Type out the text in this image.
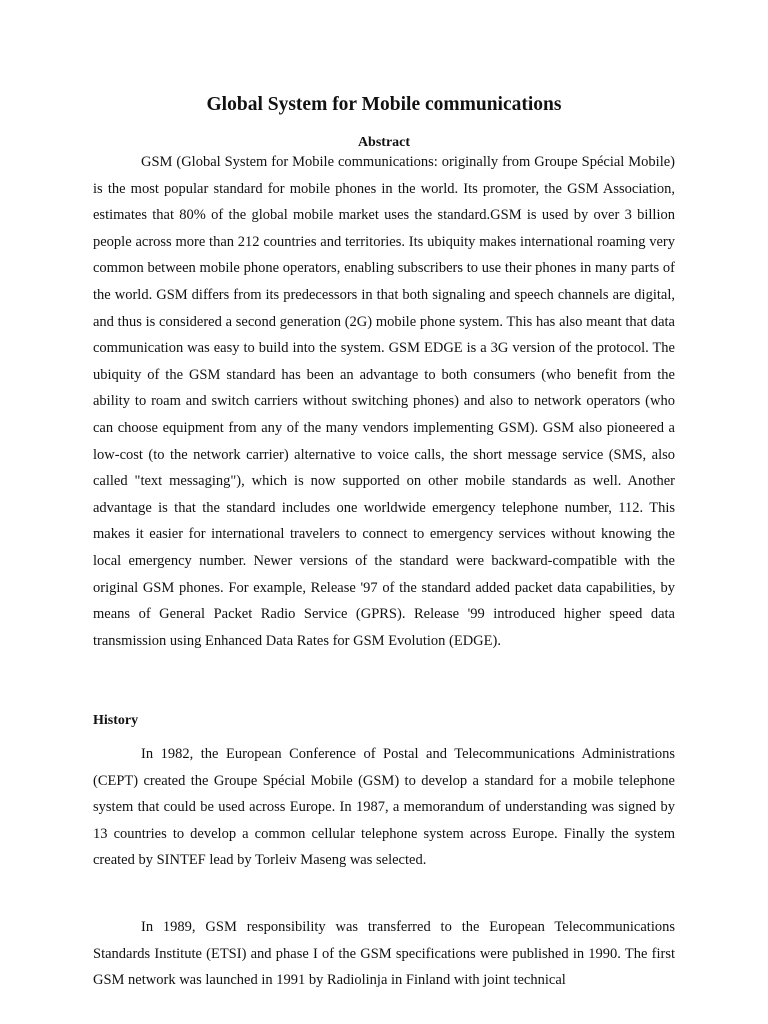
Global System for Mobile communications
Abstract

GSM (Global System for Mobile communications: originally from Groupe Spécial Mobile) is the most popular standard for mobile phones in the world. Its promoter, the GSM Association, estimates that 80% of the global mobile market uses the standard.GSM is used by over 3 billion people across more than 212 countries and territories. Its ubiquity makes international roaming very common between mobile phone operators, enabling subscribers to use their phones in many parts of the world. GSM differs from its predecessors in that both signaling and speech channels are digital, and thus is considered a second generation (2G) mobile phone system. This has also meant that data communication was easy to build into the system. GSM EDGE is a 3G version of the protocol. The ubiquity of the GSM standard has been an advantage to both consumers (who benefit from the ability to roam and switch carriers without switching phones) and also to network operators (who can choose equipment from any of the many vendors implementing GSM). GSM also pioneered a low-cost (to the network carrier) alternative to voice calls, the short message service (SMS, also called "text messaging"), which is now supported on other mobile standards as well. Another advantage is that the standard includes one worldwide emergency telephone number, 112. This makes it easier for international travelers to connect to emergency services without knowing the local emergency number. Newer versions of the standard were backward-compatible with the original GSM phones. For example, Release '97 of the standard added packet data capabilities, by means of General Packet Radio Service (GPRS). Release '99 introduced higher speed data transmission using Enhanced Data Rates for GSM Evolution (EDGE).

History

In 1982, the European Conference of Postal and Telecommunications Administrations (CEPT) created the Groupe Spécial Mobile (GSM) to develop a standard for a mobile telephone system that could be used across Europe. In 1987, a memorandum of understanding was signed by 13 countries to develop a common cellular telephone system across Europe. Finally the system created by SINTEF lead by Torleiv Maseng was selected.

In 1989, GSM responsibility was transferred to the European Telecommunications Standards Institute (ETSI) and phase I of the GSM specifications were published in 1990. The first GSM network was launched in 1991 by Radiolinja in Finland with joint technical
